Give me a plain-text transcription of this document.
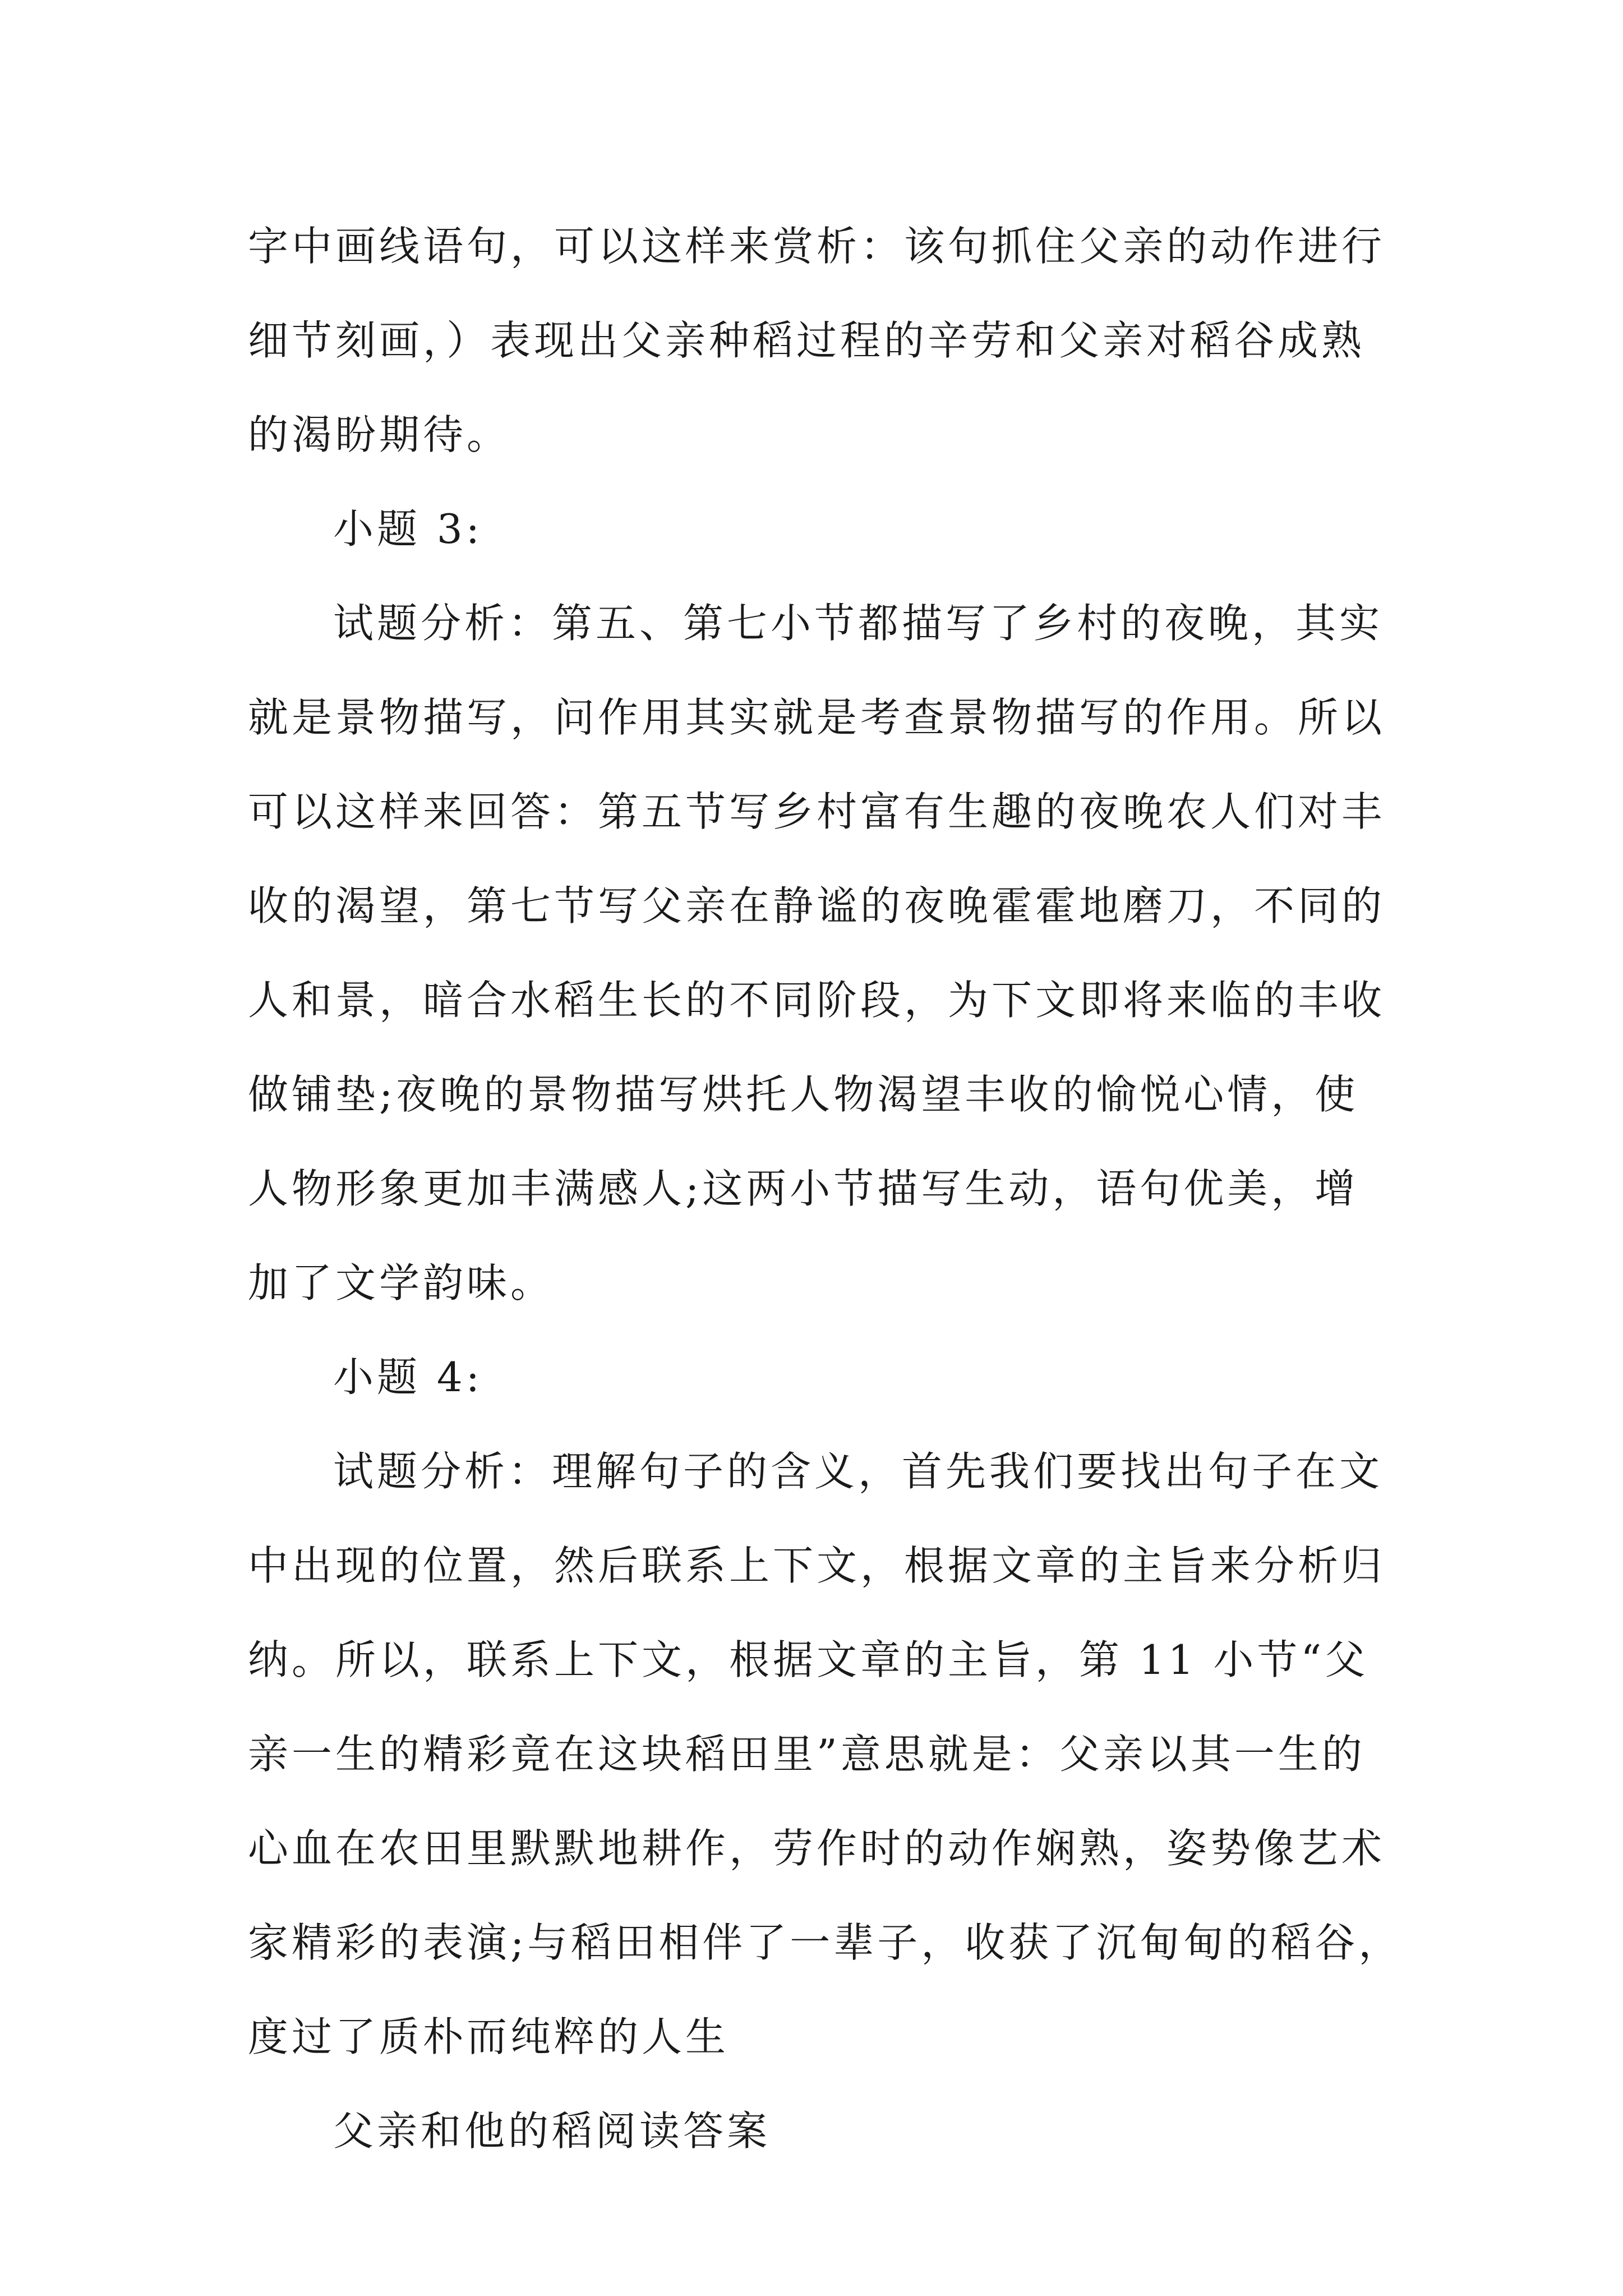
字中画线语句，可以这样来赏析：该句抓住父亲的动作进行
细节刻画，）表现出父亲种稻过程的辛劳和父亲对稻谷成熟
的渴盼期待。

小题 3:

试题分析：第五、第七小节都描写了乡村的夜晚，其实
就是景物描写，问作用其实就是考查景物描写的作用。所以
可以这样来回答：第五节写乡村富有生趣的夜晚农人们对丰
收的渴望，第七节写父亲在静谧的夜晚霍霍地磨刀，不同的
人和景，暗合水稻生长的不同阶段，为下文即将来临的丰收
做铺垫;夜晚的景物描写烘托人物渴望丰收的愉悦心情，使
人物形象更加丰满感人;这两小节描写生动，语句优美，增
加了文学韵味。

小题 4:

试题分析：理解句子的含义，首先我们要找出句子在文
中出现的位置，然后联系上下文，根据文章的主旨来分析归
纳。所以，联系上下文，根据文章的主旨，第 11 小节“父
亲一生的精彩竟在这块稻田里”意思就是：父亲以其一生的
心血在农田里默默地耕作，劳作时的动作娴熟，姿势像艺术
家精彩的表演;与稻田相伴了一辈子，收获了沉甸甸的稻谷，
度过了质朴而纯粹的人生

父亲和他的稻阅读答案
